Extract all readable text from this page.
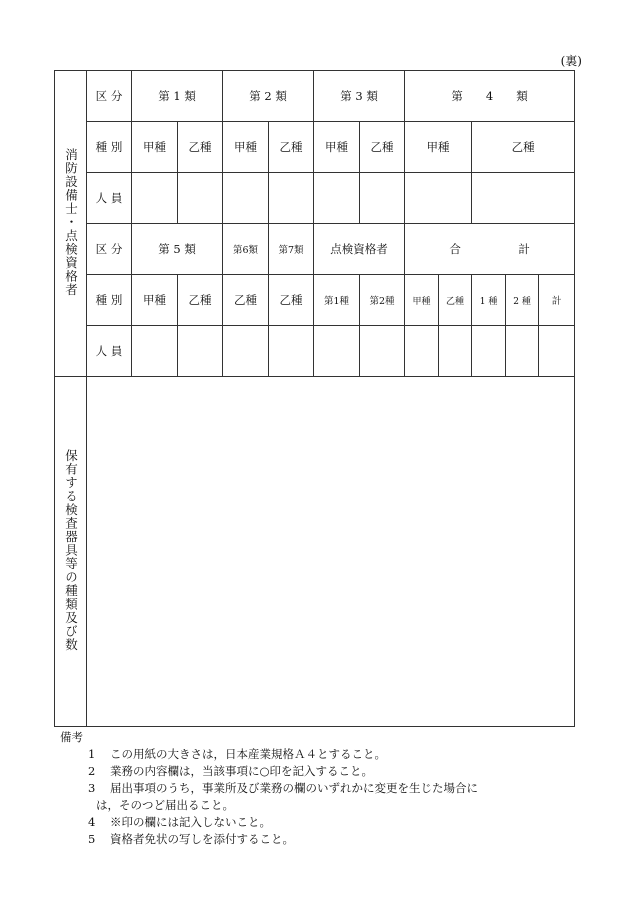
(裏)
消防設備士・点検資格者	区 分	第 1 類		第 2 類		第 3 類		第　　4　　類				
	種 別	甲種	乙種	甲種	乙種	甲種	乙種	甲種		乙種		
	人 員											
	区 分	第 5 類		第6類	第7類	点検資格者		合　　　　　計				
	種 別	甲種	乙種	乙種	乙種	第1種	第2種	甲種	乙種	1 種	2 種	計
	人 員											
保有する検査器具等の種類及び数												
備考
1 この用紙の大きさは，日本産業規格Ａ４とすること。
2 業務の内容欄は，当該事項に○印を記入すること。
3 届出事項のうち，事業所及び業務の欄のいずれかに変更を生じた場合に
は，そのつど届出ること。
4 ※印の欄には記入しないこと。
5 資格者免状の写しを添付すること。
